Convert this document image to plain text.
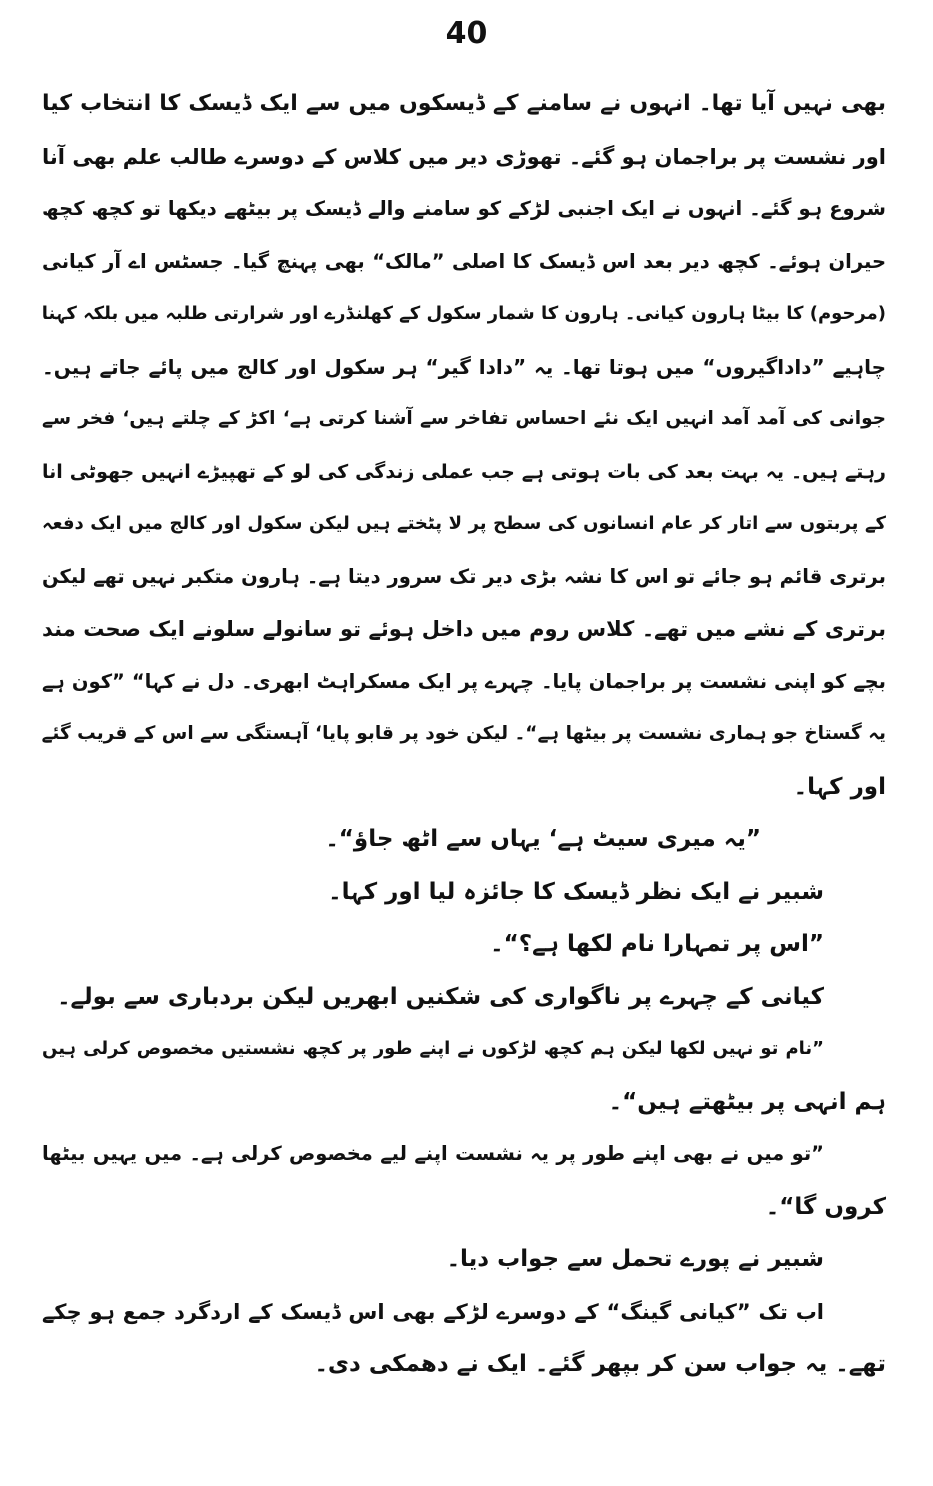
40
بھی نہیں آیا تھا۔ انہوں نے سامنے کے ڈیسکوں میں سے ایک ڈیسک کا انتخاب کیا
اور نشست پر براجمان ہو گئے۔ تھوڑی دیر میں کلاس کے دوسرے طالب علم بھی آنا
شروع ہو گئے۔ انہوں نے ایک اجنبی لڑکے کو سامنے والے ڈیسک پر بیٹھے دیکھا تو کچھ کچھ
حیران ہوئے۔ کچھ دیر بعد اس ڈیسک کا اصلی ”مالک“ بھی پہنچ گیا۔ جسٹس اے آر کیانی
(مرحوم) کا بیٹا ہارون کیانی۔ ہارون کا شمار سکول کے کھلنڈرے اور شرارتی طلبہ میں بلکہ کہنا
چاہیے ”داداگیروں“ میں ہوتا تھا۔ یہ ”دادا گیر“ ہر سکول اور کالج میں پائے جاتے ہیں۔
جوانی کی آمد آمد انہیں ایک نئے احساس تفاخر سے آشنا کرتی ہے‘ اکڑ کے چلتے ہیں‘ فخر سے
رہتے ہیں۔ یہ بہت بعد کی بات ہوتی ہے جب عملی زندگی کی لو کے تھپیڑے انہیں جھوٹی انا
کے پربتوں سے اتار کر عام انسانوں کی سطح پر لا پٹختے ہیں لیکن سکول اور کالج میں ایک دفعہ
برتری قائم ہو جائے تو اس کا نشہ بڑی دیر تک سرور دیتا ہے۔ ہارون متکبر نہیں تھے لیکن
برتری کے نشے میں تھے۔ کلاس روم میں داخل ہوئے تو سانولے سلونے ایک صحت مند
بچے کو اپنی نشست پر براجمان پایا۔ چہرے پر ایک مسکراہٹ ابھری۔ دل نے کہا“ ”کون ہے
یہ گستاخ جو ہماری نشست پر بیٹھا ہے“۔ لیکن خود پر قابو پایا‘ آہستگی سے اس کے قریب گئے
اور کہا۔
”یہ میری سیٹ ہے‘ یہاں سے اٹھ جاؤ“۔
شبیر نے ایک نظر ڈیسک کا جائزہ لیا اور کہا۔
”اس پر تمہارا نام لکھا ہے؟“۔
کیانی کے چہرے پر ناگواری کی شکنیں ابھریں لیکن بردباری سے بولے۔
”نام تو نہیں لکھا لیکن ہم کچھ لڑکوں نے اپنے طور پر کچھ نشستیں مخصوص کرلی ہیں
ہم انہی پر بیٹھتے ہیں“۔
”تو میں نے بھی اپنے طور پر یہ نشست اپنے لیے مخصوص کرلی ہے۔ میں یہیں بیٹھا
کروں گا“۔
شبیر نے پورے تحمل سے جواب دیا۔
اب تک ”کیانی گینگ“ کے دوسرے لڑکے بھی اس ڈیسک کے اردگرد جمع ہو چکے
تھے۔ یہ جواب سن کر بپھر گئے۔ ایک نے دھمکی دی۔
